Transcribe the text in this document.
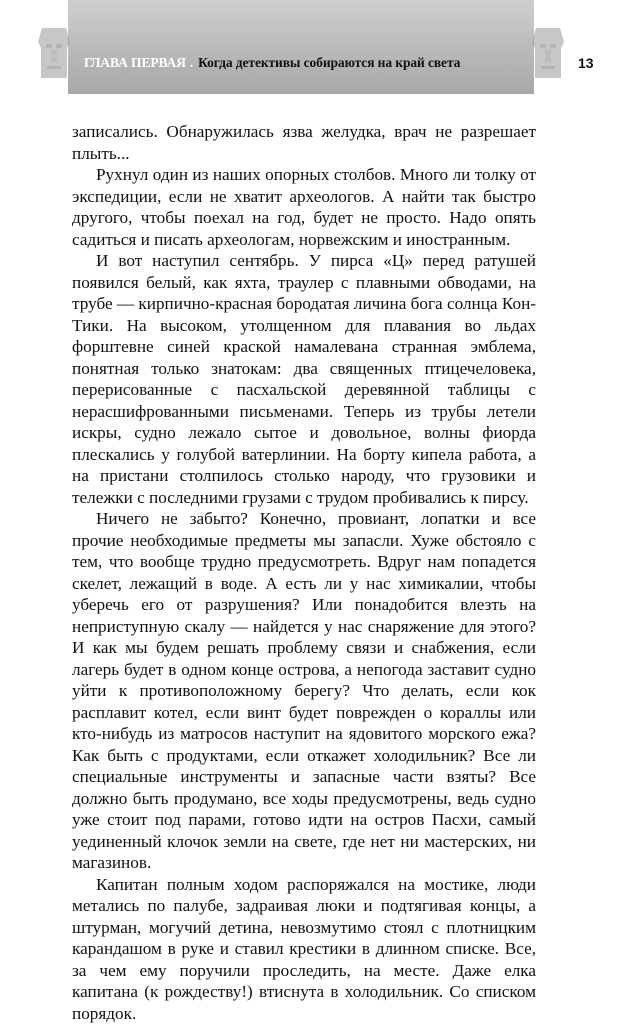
ГЛАВА ПЕРВАЯ . Когда детективы собираются на край света	13

записались. Обнаружилась язва желудка, врач не разрешает плыть...

Рухнул один из наших опорных столбов. Много ли толку от экспедиции, если не хватит археологов. А найти так быстро другого, чтобы поехал на год, будет не просто. Надо опять садиться и писать археологам, норвежским и иностранным.

И вот наступил сентябрь. У пирса «Ц» перед ратушей появился белый, как яхта, траулер с плавными обводами, на трубе — кирпично-красная бородатая личина бога солнца Кон-Тики. На высоком, утолщенном для плавания во льдах форштевне синей краской намалевана странная эмблема, понятная только знатокам: два священных птицечеловека, перерисованные с пасхальской деревянной таблицы с нерасшифрованными письменами. Теперь из трубы летели искры, судно лежало сытое и довольное, волны фиорда плескались у голубой ватерлинии. На борту кипела работа, а на пристани столпилось столько народу, что грузовики и тележки с последними грузами с трудом пробивались к пирсу.

Ничего не забыто? Конечно, провиант, лопатки и все прочие необходимые предметы мы запасли. Хуже обстояло с тем, что вообще трудно предусмотреть. Вдруг нам попадется скелет, лежащий в воде. А есть ли у нас химикалии, чтобы уберечь его от разрушения? Или понадобится влезть на неприступную скалу — найдется у нас снаряжение для этого? И как мы будем решать проблему связи и снабжения, если лагерь будет в одном конце острова, а непогода заставит судно уйти к противоположному берегу? Что делать, если кок расплавит котел, если винт будет поврежден о кораллы или кто-нибудь из матросов наступит на ядовитого морского ежа? Как быть с продуктами, если откажет холодильник? Все ли специальные инструменты и запасные части взяты? Все должно быть продумано, все ходы предусмотрены, ведь судно уже стоит под парами, готово идти на остров Пасхи, самый уединенный клочок земли на свете, где нет ни мастерских, ни магазинов.

Капитан полным ходом распоряжался на мостике, люди метались по палубе, задраивая люки и подтягивая концы, а штурман, могучий детина, невозмутимо стоял с плотницким карандашом в руке и ставил крестики в длинном списке. Все, за чем ему поручили проследить, на месте. Даже елка капитана (к рождеству!) втиснута в холодильник. Со списком порядок.
